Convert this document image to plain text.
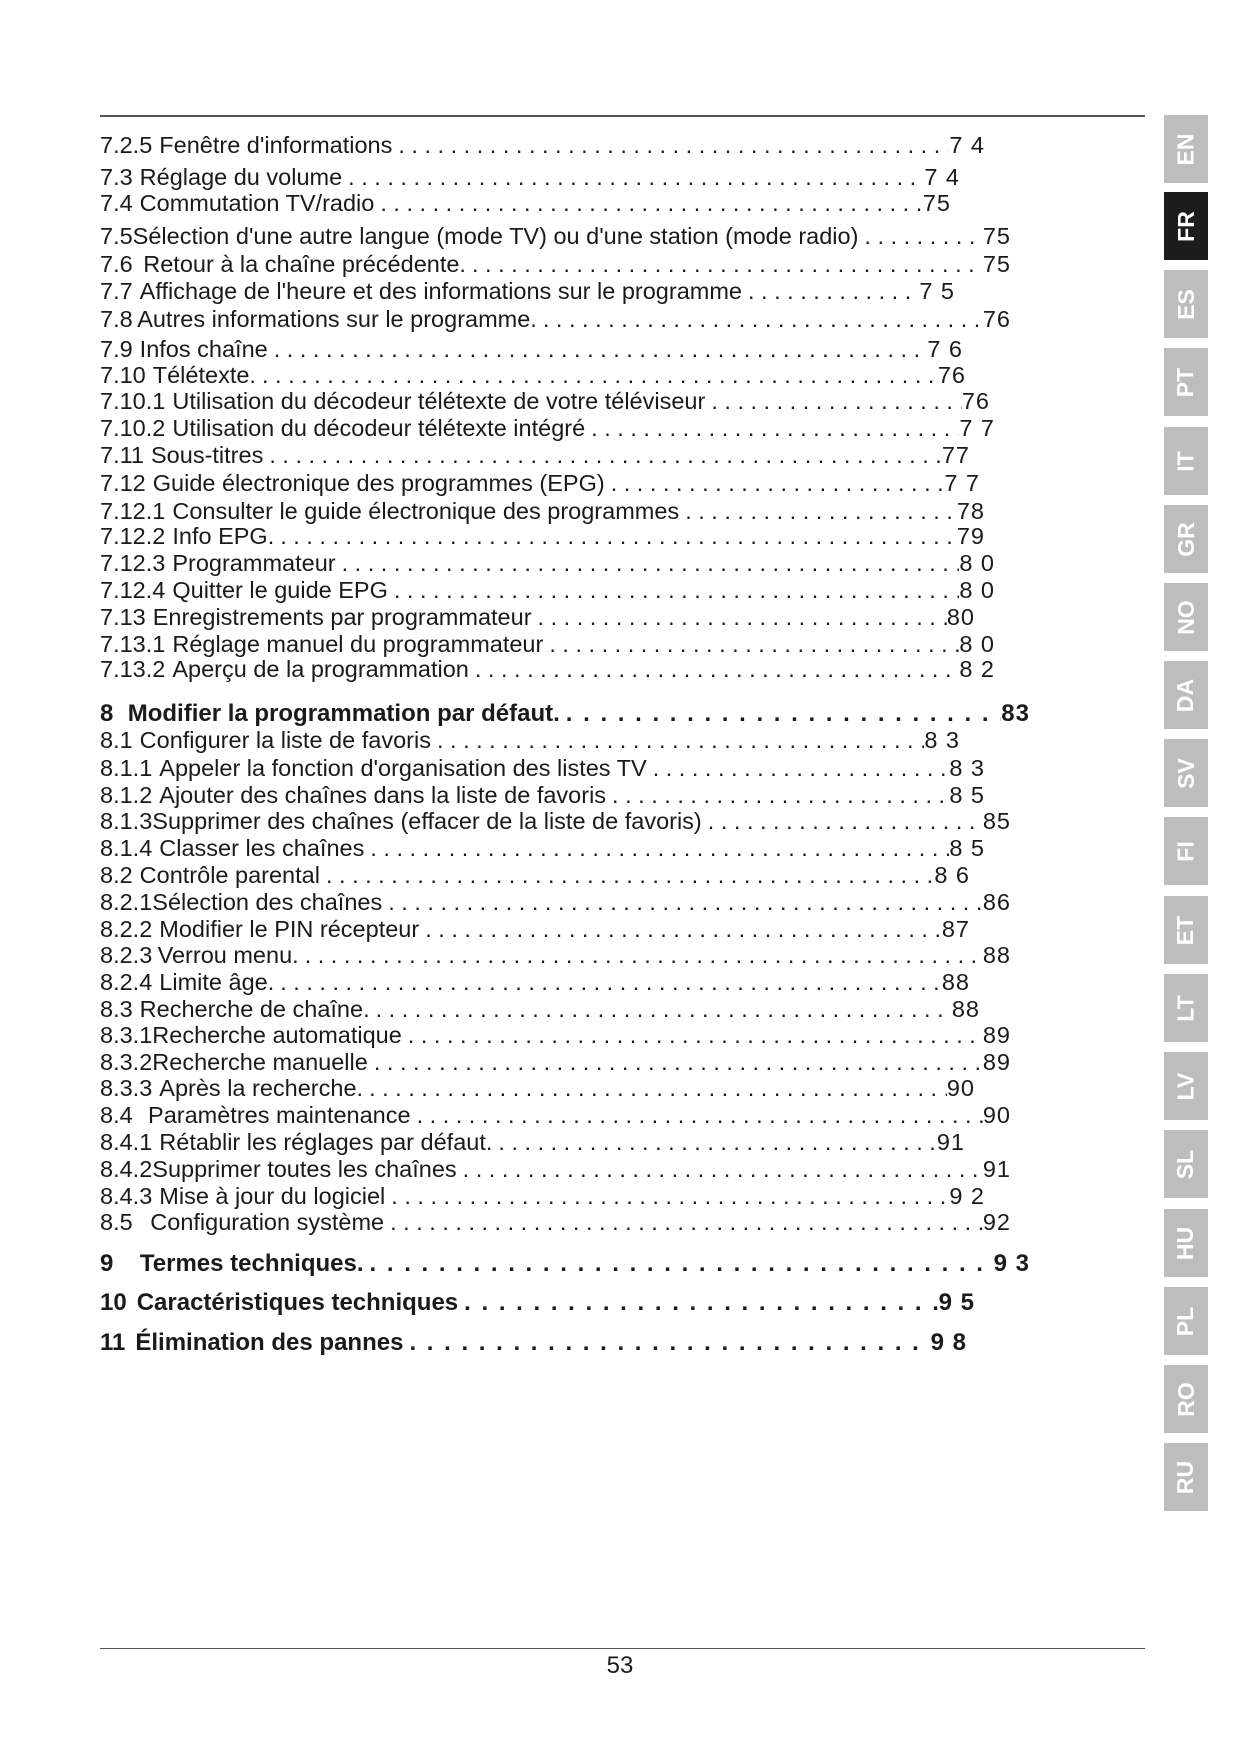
7.2.5 Fenêtre d'informations . . .	7 4
7.3 Réglage du volume . . .	7 4
7.4 Commutation TV/radio . . .	75
7.5 Sélection d'une autre langue (mode TV) ou d'une station (mode radio) . . .	75
7.6 Retour à la chaîne précédente. . . .	75
7.7 Affichage de l'heure et des informations sur le programme . . .	7 5
7.8 Autres informations sur le programme. . . .	76
7.9 Infos chaîne . . .	7 6
7.10 Télétexte. . . .	76
7.10.1 Utilisation du décodeur télétexte de votre téléviseur . . .	76
7.10.2 Utilisation du décodeur télétexte intégré . . .	7 7
7.11 Sous-titres . . .	77
7.12 Guide électronique des programmes (EPG) . . .	7 7
7.12.1 Consulter le guide électronique des programmes . . .	78
7.12.2 Info EPG. . . .	79
7.12.3 Programmateur . . .	8 0
7.12.4 Quitter le guide EPG . . .	8 0
7.13 Enregistrements par programmateur . . .	80
7.13.1 Réglage manuel du programmateur . . .	8 0
7.13.2 Aperçu de la programmation . . .	8 2
8 Modifier la programmation par défaut. . . .	83
8.1 Configurer la liste de favoris . . .	8 3
8.1.1 Appeler la fonction d'organisation des listes TV . . .	8 3
8.1.2 Ajouter des chaînes dans la liste de favoris . . .	8 5
8.1.3 Supprimer des chaînes (effacer de la liste de favoris) . . .	85
8.1.4 Classer les chaînes . . .	8 5
8.2 Contrôle parental . . .	8 6
8.2.1 Sélection des chaînes . . .	86
8.2.2 Modifier le PIN récepteur . . .	87
8.2.3 Verrou menu. . . .	88
8.2.4 Limite âge. . . .	88
8.3 Recherche de chaîne. . . .	88
8.3.1 Recherche automatique . . .	89
8.3.2 Recherche manuelle . . .	89
8.3.3 Après la recherche. . . .	90
8.4 Paramètres maintenance . . .	90
8.4.1 Rétablir les réglages par défaut. . . .	91
8.4.2 Supprimer toutes les chaînes . . .	91
8.4.3 Mise à jour du logiciel . . .	9 2
8.5 Configuration système . . .	92
9	Termes techniques. . . .	9 3
10 Caractéristiques techniques . . .	9 5
11 Élimination des pannes . . .	9 8
53
EN
FR
ES
PT
IT
GR
NO
DA
SV
FI
ET
LT
LV
SL
HU
PL
RO
RU
